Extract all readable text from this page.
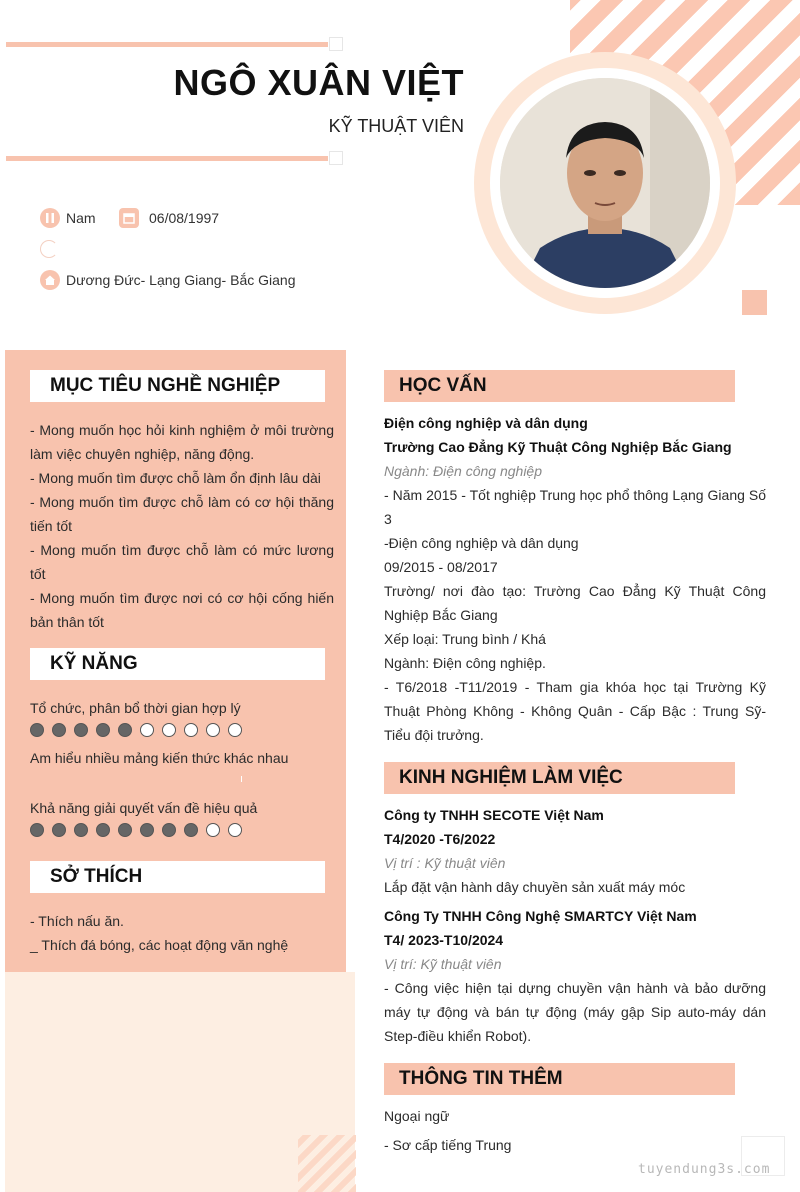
NGÔ XUÂN VIỆT
KỸ THUẬT VIÊN
Nam	06/08/1997
Dương Đức- Lạng Giang- Bắc Giang
MỤC TIÊU NGHỀ NGHIỆP
- Mong muốn học hỏi kinh nghiệm ở môi trường làm việc chuyên nghiệp, năng động.
- Mong muốn tìm được chỗ làm ổn định lâu dài
- Mong muốn tìm được chỗ làm có cơ hội thăng tiến tốt
- Mong muốn tìm được chỗ làm có mức lương tốt
- Mong muốn tìm được nơi có cơ hội cống hiến bản thân tốt
KỸ NĂNG
Tổ chức, phân bổ thời gian hợp lý
Am hiểu nhiều mảng kiến thức khác nhau
Khả năng giải quyết vấn đề hiệu quả
SỞ THÍCH
- Thích nấu ăn.
_ Thích đá bóng, các hoạt động văn nghệ
HỌC VẤN
Điện công nghiệp và dân dụng
Trường Cao Đẳng Kỹ Thuật Công Nghiệp Bắc Giang
Ngành: Điện công nghiệp
- Năm 2015 - Tốt nghiệp Trung học phổ thông Lạng Giang Số 3
-Điện công nghiệp và dân dụng
09/2015 - 08/2017
Trường/ nơi đào tạo: Trường Cao Đẳng Kỹ Thuật Công Nghiệp Bắc Giang
Xếp loại: Trung bình / Khá
Ngành: Điện công nghiệp.
- T6/2018 -T11/2019 - Tham gia khóa học tại Trường Kỹ Thuật Phòng Không - Không Quân - Cấp Bậc : Trung Sỹ- Tiểu đội trưởng.
KINH NGHIỆM LÀM VIỆC
Công ty TNHH SECOTE Việt Nam
T4/2020 -T6/2022
Vị trí : Kỹ thuật viên
Lắp đặt vận hành dây chuyền sản xuất máy móc
Công Ty TNHH Công Nghệ SMARTCY Việt Nam
T4/ 2023-T10/2024
Vị trí: Kỹ thuật viên
- Công việc hiện tại dựng chuyền vận hành và bảo dưỡng máy tự động và bán tự động (máy gập Sip auto-máy dán Step-điều khiển Robot).
THÔNG TIN THÊM
Ngoại ngữ
- Sơ cấp tiếng Trung
tuyendung3s.com
